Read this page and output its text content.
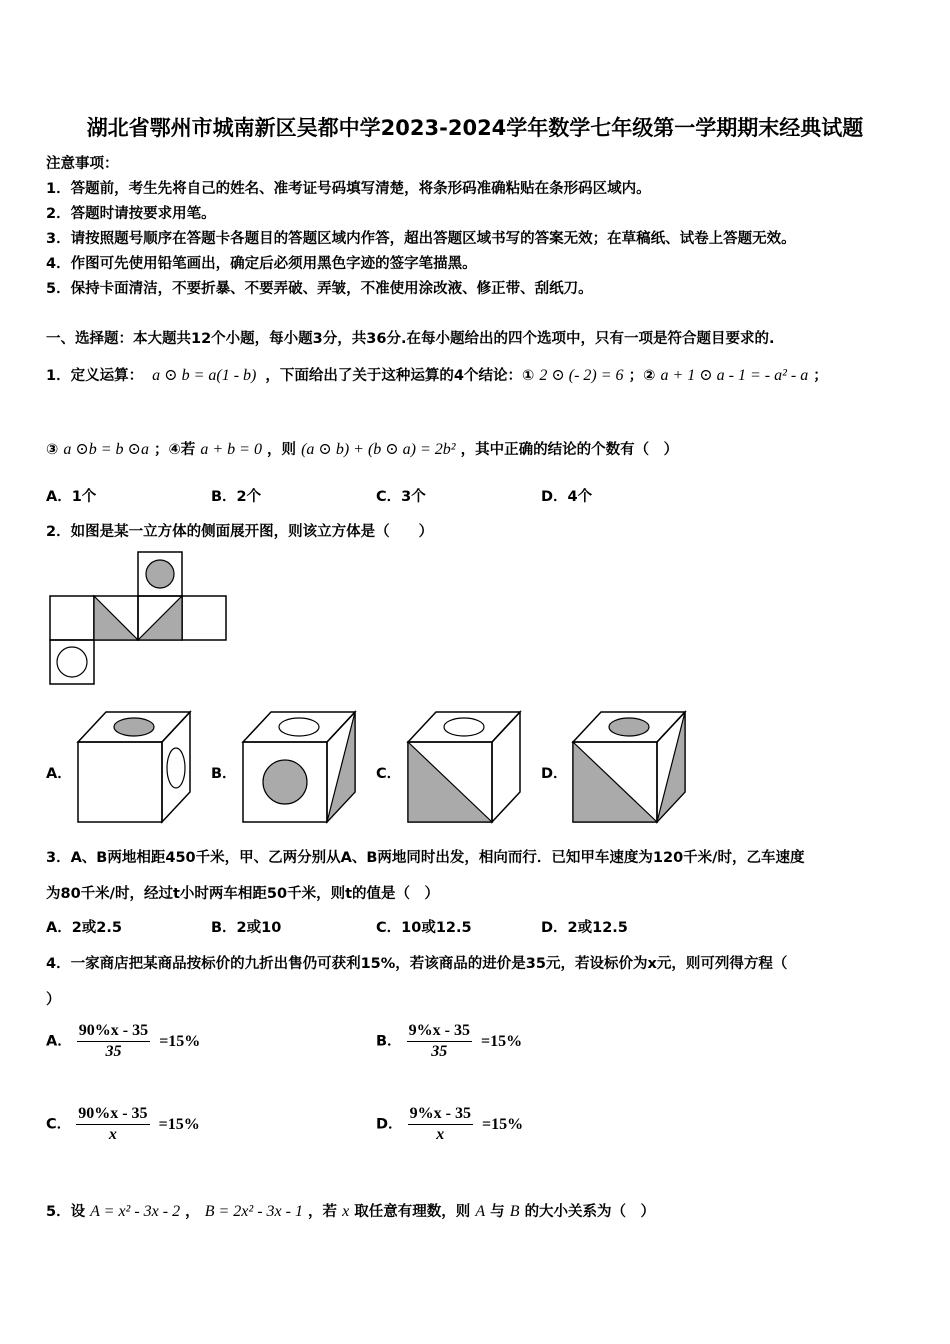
湖北省鄂州市城南新区吴都中学2023-2024学年数学七年级第一学期期末经典试题
注意事项：
1．答题前，考生先将自己的姓名、准考证号码填写清楚，将条形码准确粘贴在条形码区域内。
2．答题时请按要求用笔。
3．请按照题号顺序在答题卡各题目的答题区域内作答，超出答题区域书写的答案无效；在草稿纸、试卷上答题无效。
4．作图可先使用铅笔画出，确定后必须用黑色字迹的签字笔描黑。
5．保持卡面清洁，不要折暴、不要弄破、弄皱，不准使用涂改液、修正带、刮纸刀。
一、选择题：本大题共12个小题，每小题3分，共36分.在每小题给出的四个选项中，只有一项是符合题目要求的.
1．定义运算： a ⊙ b = a(1 - b) ，下面给出了关于这种运算的4个结论：① 2 ⊙ (- 2) = 6 ；② a + 1 ⊙ a - 1 = - a² - a ；
③ a ⊙b = b ⊙a ；④若 a + b = 0 ，则 (a ⊙ b) + (b ⊙ a) = 2b² ，其中正确的结论的个数有（　）
A．1个	B．2个	C．3个	D．4个
2．如图是某一立方体的侧面展开图，则该立方体是（　　）
A．	B．	C．	D．
3．A、B两地相距450千米，甲、乙两分别从A、B两地同时出发，相向而行．已知甲车速度为120千米/时，乙车速度
为80千米/时，经过t小时两车相距50千米，则t的值是（　）
A．2或2.5	B．2或10	C．10或12.5	D．2或12.5
4．一家商店把某商品按标价的九折出售仍可获利15%，若该商品的进价是35元，若设标价为x元，则可列得方程（
）
A． $\frac{90\%x - 35}{35} =15\%$	B． $\frac{9\%x - 35}{35} =15\%$
C． $\frac{90\%x - 35}{x} =15\%$	D． $\frac{9\%x - 35}{x} =15\%$
5．设 A = x² - 3x - 2 ， B = 2x² - 3x - 1 ，若 x 取任意有理数，则 A 与 B 的大小关系为（　）
